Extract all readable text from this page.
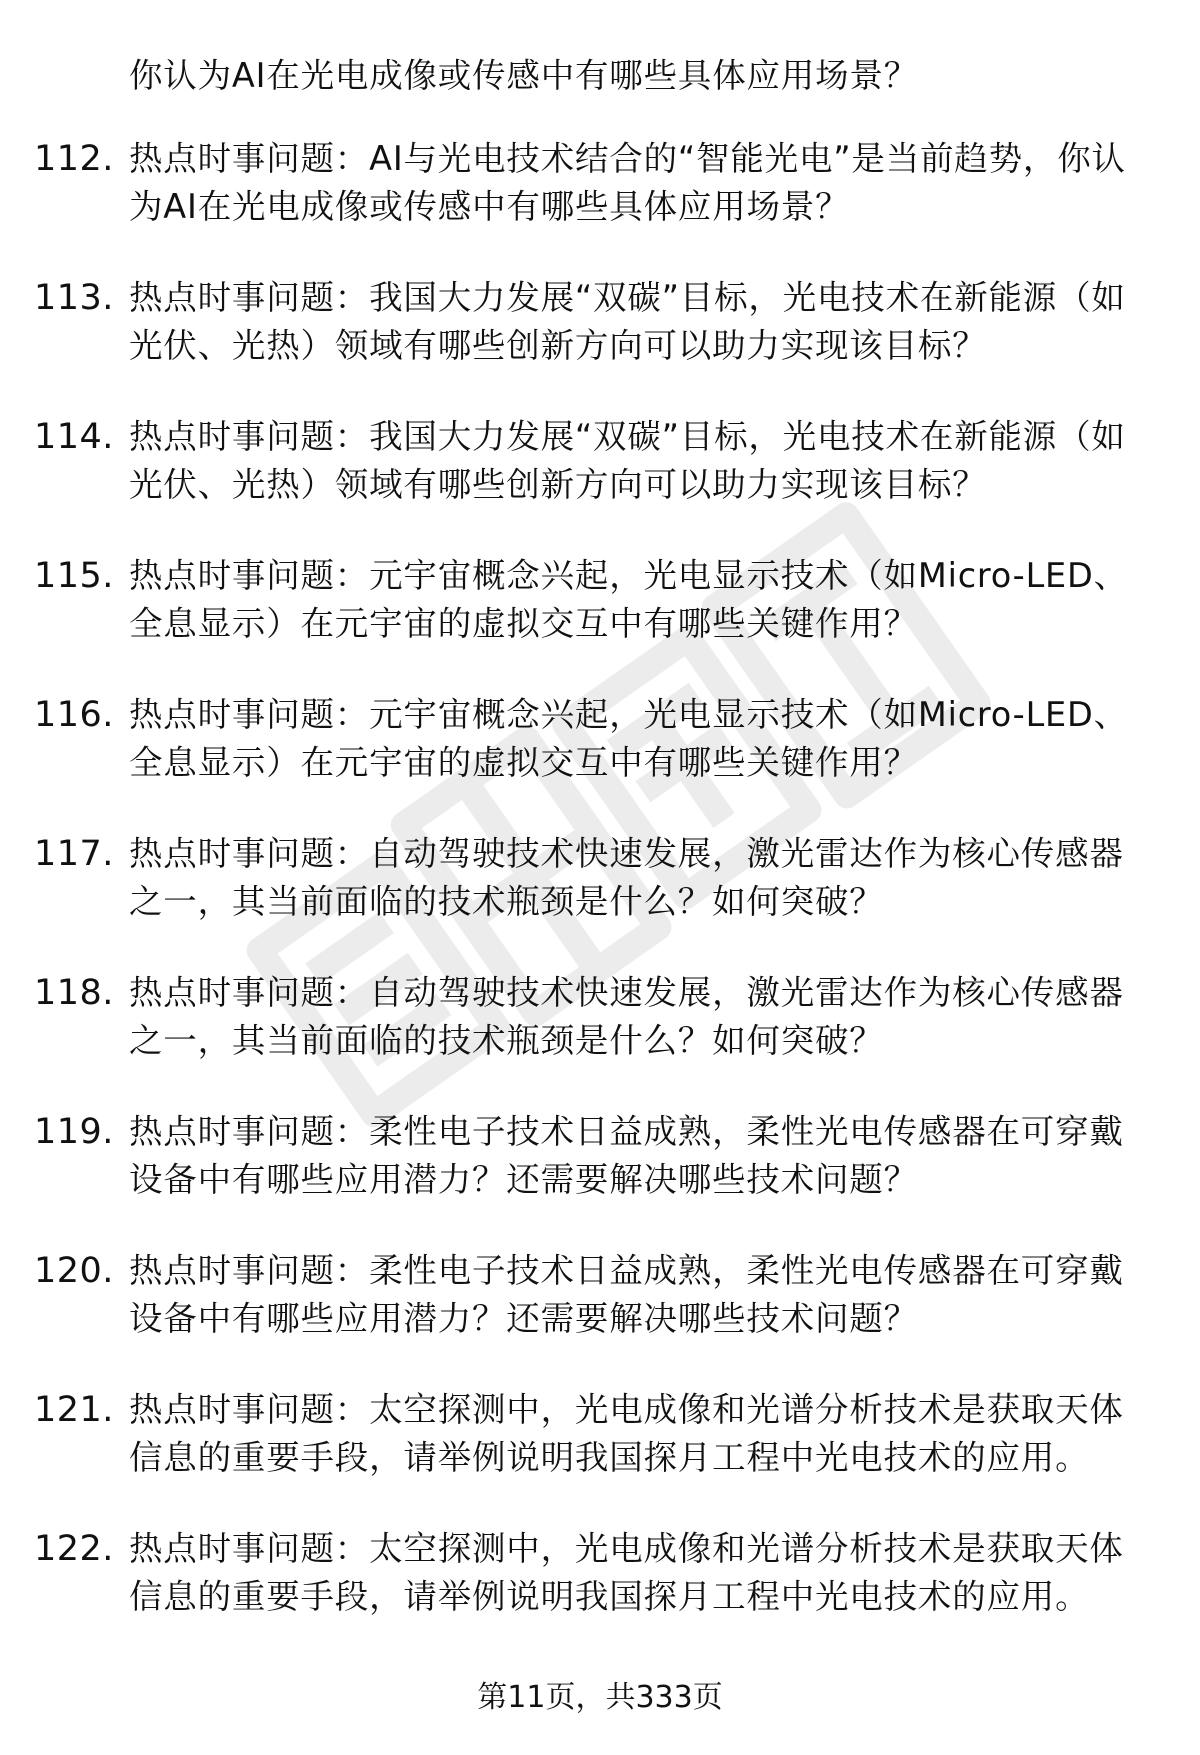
你认为AI在光电成像或传感中有哪些具体应用场景？
112. 热点时事问题：AI与光电技术结合的“智能光电”是当前趋势，你认为AI在光电成像或传感中有哪些具体应用场景？
113. 热点时事问题：我国大力发展“双碳”目标，光电技术在新能源（如光伏、光热）领域有哪些创新方向可以助力实现该目标？
114. 热点时事问题：我国大力发展“双碳”目标，光电技术在新能源（如光伏、光热）领域有哪些创新方向可以助力实现该目标？
115. 热点时事问题：元宇宙概念兴起，光电显示技术（如Micro-LED、全息显示）在元宇宙的虚拟交互中有哪些关键作用？
116. 热点时事问题：元宇宙概念兴起，光电显示技术（如Micro-LED、全息显示）在元宇宙的虚拟交互中有哪些关键作用？
117. 热点时事问题：自动驾驶技术快速发展，激光雷达作为核心传感器之一，其当前面临的技术瓶颈是什么？如何突破？
118. 热点时事问题：自动驾驶技术快速发展，激光雷达作为核心传感器之一，其当前面临的技术瓶颈是什么？如何突破？
119. 热点时事问题：柔性电子技术日益成熟，柔性光电传感器在可穿戴设备中有哪些应用潜力？还需要解决哪些技术问题？
120. 热点时事问题：柔性电子技术日益成熟，柔性光电传感器在可穿戴设备中有哪些应用潜力？还需要解决哪些技术问题？
121. 热点时事问题：太空探测中，光电成像和光谱分析技术是获取天体信息的重要手段，请举例说明我国探月工程中光电技术的应用。
122. 热点时事问题：太空探测中，光电成像和光谱分析技术是获取天体信息的重要手段，请举例说明我国探月工程中光电技术的应用。
第11页，共333页
